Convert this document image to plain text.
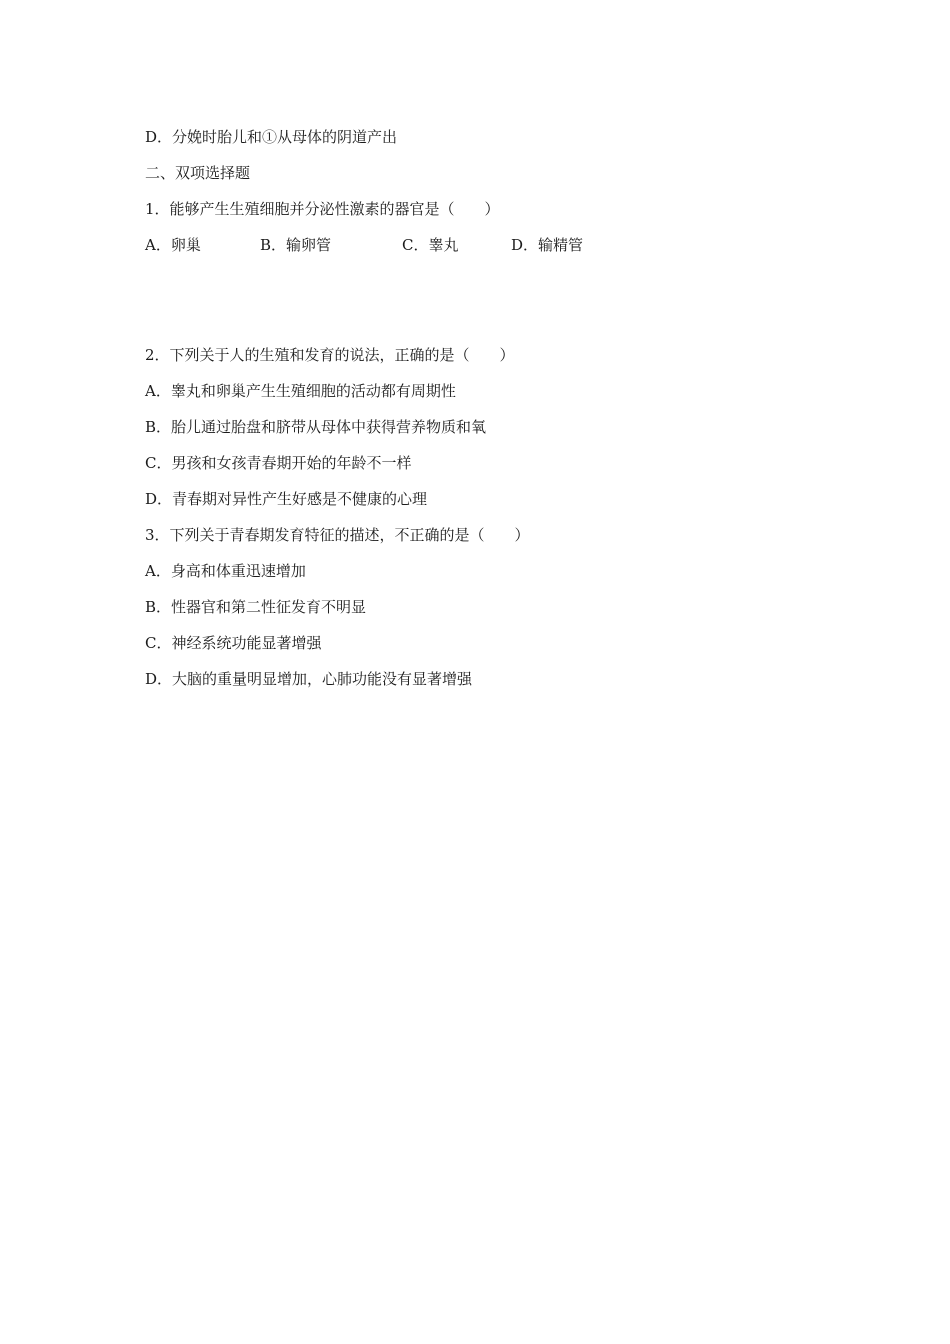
D．分娩时胎儿和①从母体的阴道产出
二、双项选择题
1．能够产生生殖细胞并分泌性激素的器官是（　　）

A．卵巢

	B．输卵管

	C．睾丸

	D．输精管

2．下列关于人的生殖和发育的说法，正确的是（　　）
A．睾丸和卵巢产生生殖细胞的活动都有周期性
B．胎儿通过胎盘和脐带从母体中获得营养物质和氧
C．男孩和女孩青春期开始的年龄不一样
D．青春期对异性产生好感是不健康的心理
3．下列关于青春期发育特征的描述，不正确的是（　　）
A．身高和体重迅速增加
B．性器官和第二性征发育不明显
C．神经系统功能显著增强
D．大脑的重量明显增加，心肺功能没有显著增强
